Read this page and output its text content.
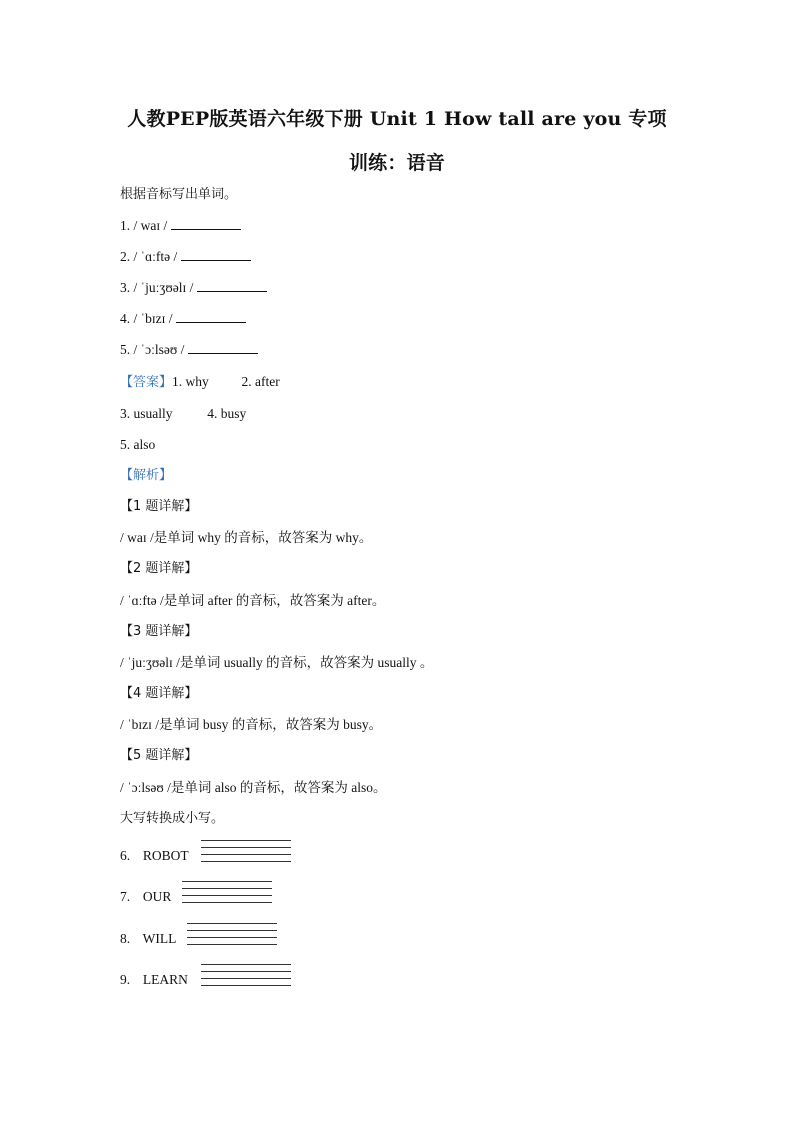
人教PEP版英语六年级下册 Unit 1 How tall are you 专项
训练：语音
根据音标写出单词。
1. / waɪ /
2. / ˈɑːftə /
3. / ˈjuːʒʊəlɪ /
4. / ˈbɪzɪ /
5. / ˈɔːlsəʊ /
【答案】1. why 2. after
3. usually	4. busy
5. also
【解析】
【1 题详解】
/ waɪ /是单词 why 的音标，故答案为 why。
【2 题详解】
/ ˈɑːftə /是单词 after 的音标，故答案为 after。
【3 题详解】
/ ˈjuːʒʊəlɪ /是单词 usually 的音标，故答案为 usually 。
【4 题详解】
/ ˈbɪzɪ /是单词 busy 的音标，故答案为 busy。
【5 题详解】
/ ˈɔːlsəʊ /是单词 also 的音标，故答案为 also。
大写转换成小写。
6. ROBOT
7. OUR
8. WILL
9. LEARN
